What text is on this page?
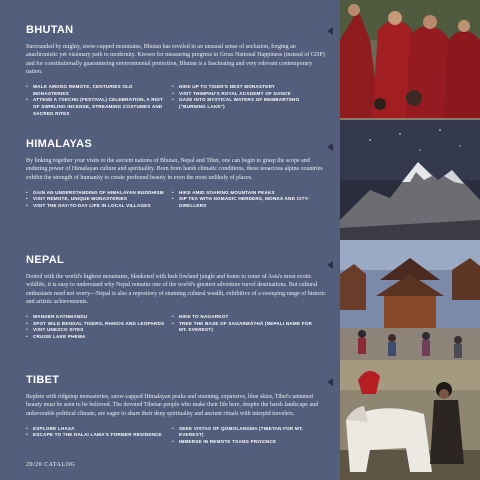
BHUTAN

Surrounded by mighty, snow-capped mountains, Bhutan has reveled in an unusual sense of seclusion, forging an anachronistic yet visionary path to modernity. Known for measuring progress in Gross National Happiness (instead of GDP) and for constitutionally guaranteeing environmental protection, Bhutan is a fascinating and very relevant contemporary nation.

• WALK AMONG REMOTE, CENTURIES OLD MONASTERIES
• ATTEND A TSECHU (FESTIVAL) CELEBRATION, A RIOT OF SWIRLING INCENSE, STREAMING COSTUMES AND SACRED RITES
• HIKE UP TO TIGER'S NEST MONASTERY
• VISIT THIMPHU'S ROYAL ACADEMY OF DANCE
• GAZE INTO MYSTICAL WATERS OF MEMBARTSHO ("BURNING LAKE")
HIMALAYAS

By linking together your visits to the ancient nations of Bhutan, Nepal and Tibet, one can begin to grasp the scope and enduring power of Himalayan culture and spirituality. Born from harsh climatic conditions, these tenacious alpine countries exhibit the strength of humanity to create profound beauty in even the most unlikely of places.

• GAIN AN UNDERSTANDING OF HIMALAYAN BUDDHISM
• VISIT REMOTE, UNIQUE MONASTERIES
• VISIT THE DAY-TO-DAY LIFE IN LOCAL VILLAGES
• HIKE AMID SOARING MOUNTAIN PEAKS
• SIP TEA WITH NOMADIC HERDERS, MONKS AND CITY-DWELLERS
NEPAL

Dotted with the world's highest mountains, blanketed with lush lowland jungle and home to some of Asia's most exotic wildlife, it is easy to understand why Nepal remains one of the world's greatest adventure travel destinations. But cultural enthusiasts need not worry—Nepal is also a repository of stunning cultural wealth, exhibitive of a sweeping range of historic and artistic achievements.

• WANDER KATHMANDU
• SPOT WILD BENGAL TIGERS, RHINOS AND LEOPARDS
• VISIT UNESCO SITES
• CRUISE LAKE PHEWA
• HIKE TO NAGARKOT
• TREK THE BASE OF SAGARMĀTHĀ (NEPALI NAME FOR MT. EVEREST)
TIBET

Replete with ridgetop monasteries, snow-capped Himalayan peaks and stunning, expansive, blue skies, Tibet's untamed beauty must be seen to be believed. The devoted Tibetan people who make their life here, despite the harsh landscape and unfavorable political climate, are eager to share their deep spirituality and ancient rituals with intrepid travelers.

• EXPLORE LHASA
• ESCAPE TO THE DALAI LAMA'S FORMER RESIDENCE
• SEEK VISTAS OF QOMOLANGMA (TIBETAN FOR MT. EVEREST)
• IMMERSE IN REMOTE TSANG PROVINCE
20/20 CATALOG
